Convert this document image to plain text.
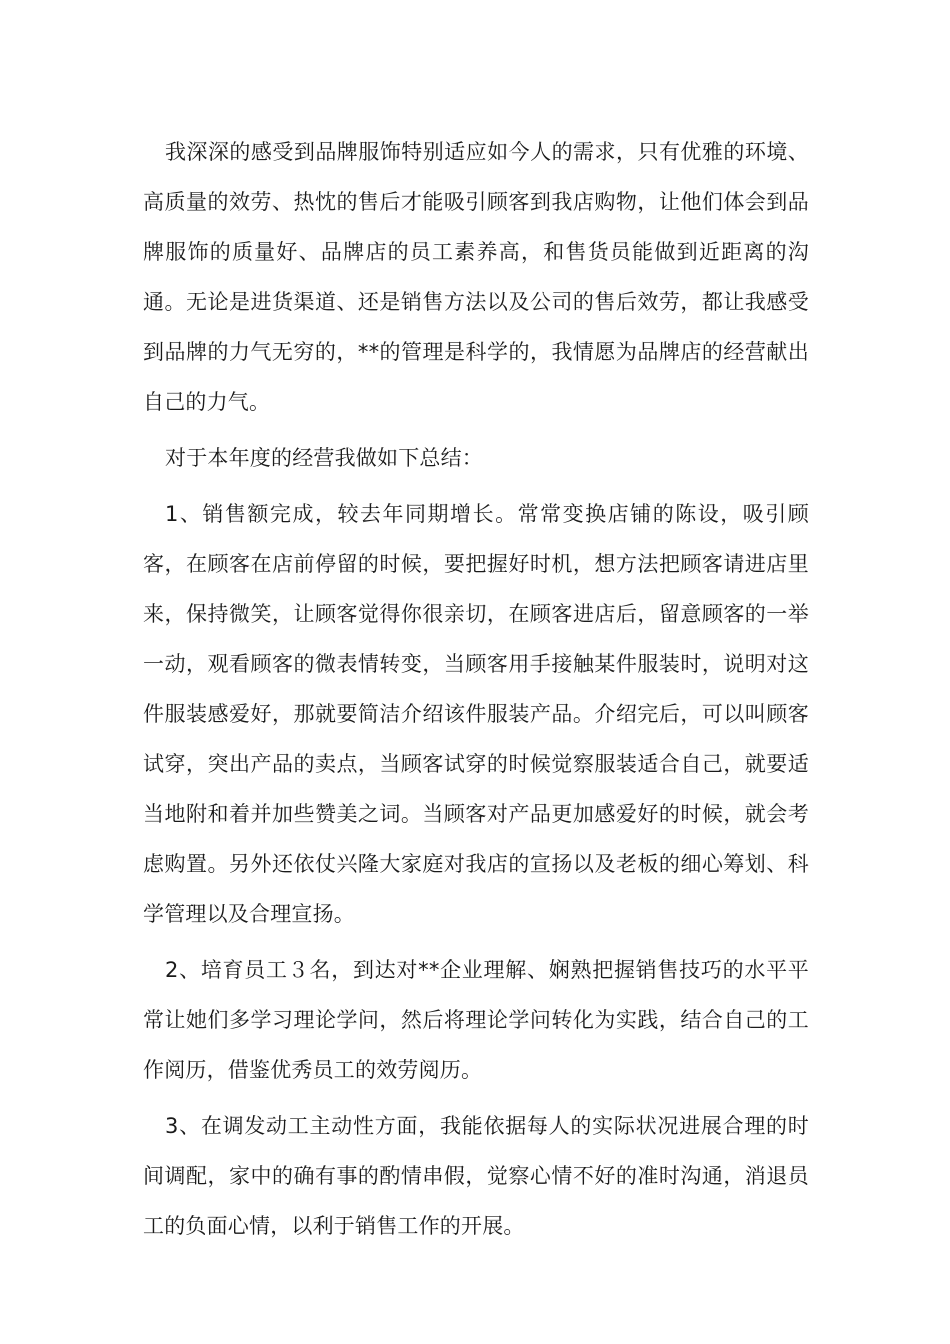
我深深的感受到品牌服饰特别适应如今人的需求，只有优雅的环境、高质量的效劳、热忱的售后才能吸引顾客到我店购物，让他们体会到品牌服饰的质量好、品牌店的员工素养高，和售货员能做到近距离的沟通。无论是进货渠道、还是销售方法以及公司的售后效劳，都让我感受到品牌的力气无穷的，**的管理是科学的，我情愿为品牌店的经营献出自己的力气。

对于本年度的经营我做如下总结：

1、销售额完成，较去年同期增长。常常变换店铺的陈设，吸引顾客，在顾客在店前停留的时候，要把握好时机，想方法把顾客请进店里来，保持微笑，让顾客觉得你很亲切，在顾客进店后，留意顾客的一举一动，观看顾客的微表情转变，当顾客用手接触某件服装时，说明对这件服装感爱好，那就要简洁介绍该件服装产品。介绍完后，可以叫顾客试穿，突出产品的卖点，当顾客试穿的时候觉察服装适合自己，就要适当地附和着并加些赞美之词。当顾客对产品更加感爱好的时候，就会考虑购置。另外还依仗兴隆大家庭对我店的宣扬以及老板的细心筹划、科学管理以及合理宣扬。

2、培育员工３名，到达对**企业理解、娴熟把握销售技巧的水平平常让她们多学习理论学问，然后将理论学问转化为实践，结合自己的工作阅历，借鉴优秀员工的效劳阅历。

3、在调发动工主动性方面，我能依据每人的实际状况进展合理的时间调配，家中的确有事的酌情串假，觉察心情不好的准时沟通，消退员工的负面心情，以利于销售工作的开展。
